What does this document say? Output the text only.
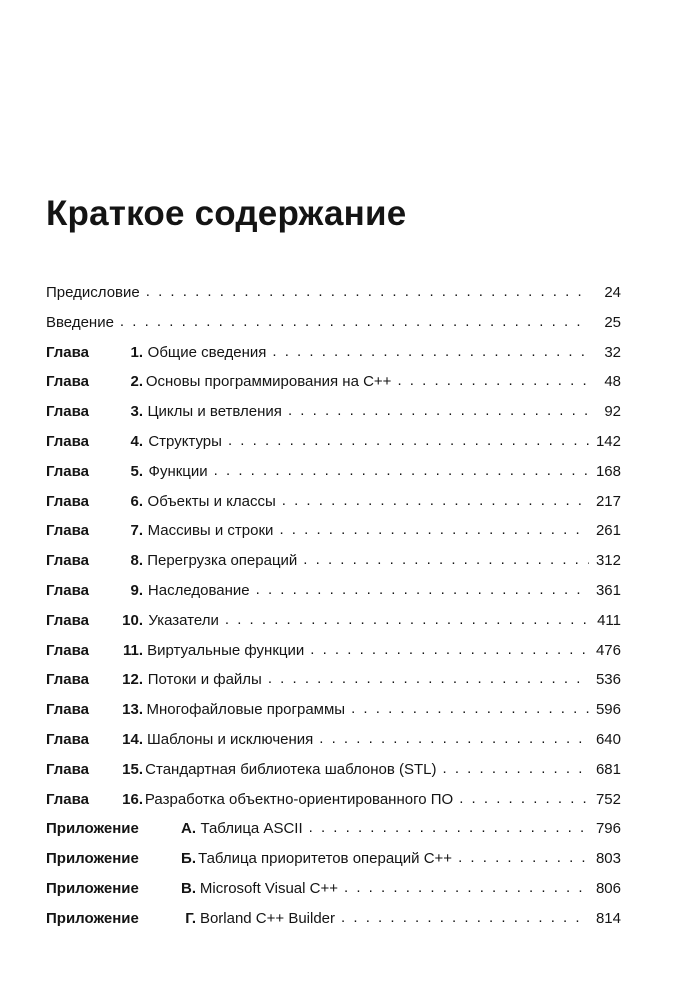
Краткое содержание
Предисловие . . .	24
Введение . . .	25
Глава	1. Общие сведения . . .	32
Глава	2. Основы программирования на C++ . . .	48
Глава	3. Циклы и ветвления . . .	92
Глава	4. Структуры . . .	142
Глава	5. Функции . . .	168
Глава	6. Объекты и классы . . .	217
Глава	7. Массивы и строки . . .	261
Глава	8. Перегрузка операций . . .	312
Глава	9. Наследование . . .	361
Глава	10. Указатели . . .	411
Глава	11. Виртуальные функции . . .	476
Глава	12. Потоки и файлы . . .	536
Глава	13. Многофайловые программы . . .	596
Глава	14. Шаблоны и исключения . . .	640
Глава	15. Стандартная библиотека шаблонов (STL) . . .	681
Глава	16. Разработка объектно-ориентированного ПО . . .	752
Приложение	А. Таблица ASCII . . .	796
Приложение	Б. Таблица приоритетов операций C++ . . .	803
Приложение	В. Microsoft Visual C++ . . .	806
Приложение	Г. Borland C++ Builder . . .	814
